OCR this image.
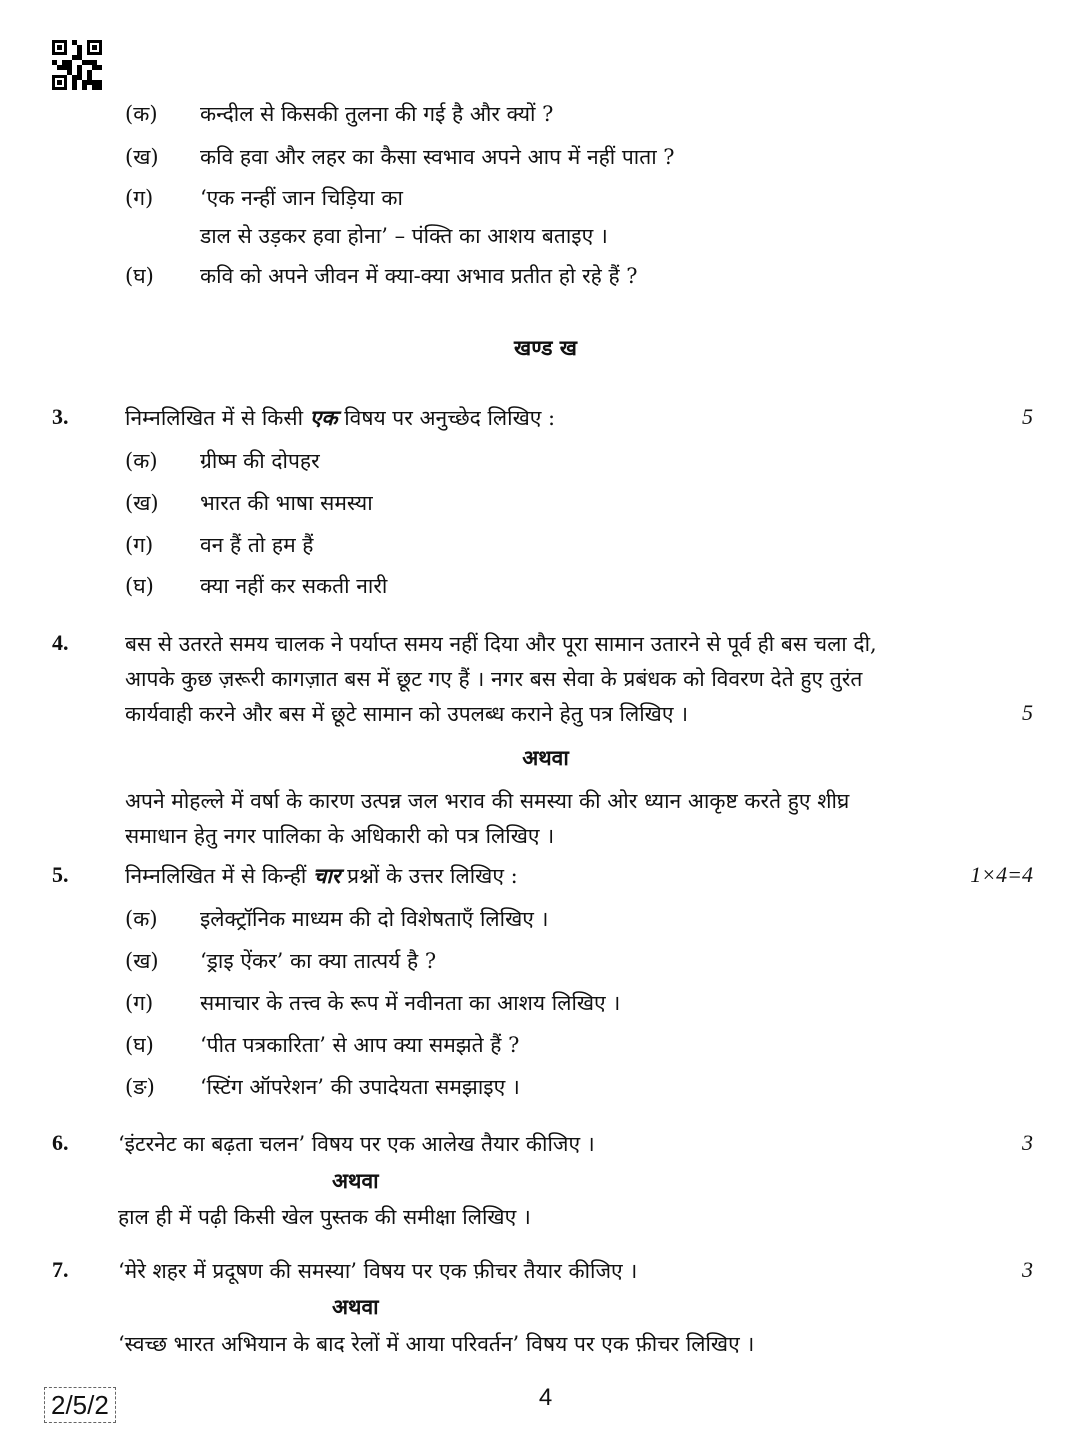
(क) कन्दील से किसकी तुलना की गई है और क्यों ?
(ख) कवि हवा और लहर का कैसा स्वभाव अपने आप में नहीं पाता ?
(ग) ‘एक नन्हीं जान चिड़िया का
डाल से उड़कर हवा होना’ – पंक्ति का आशय बताइए ।
(घ) कवि को अपने जीवन में क्या-क्या अभाव प्रतीत हो रहे हैं ?
खण्ड ख
3.	निम्नलिखित में से किसी एक विषय पर अनुच्छेद लिखिए :	5
(क) ग्रीष्म की दोपहर
(ख) भारत की भाषा समस्या
(ग) वन हैं तो हम हैं
(घ) क्या नहीं कर सकती नारी
4.	बस से उतरते समय चालक ने पर्याप्त समय नहीं दिया और पूरा सामान उतारने से पूर्व ही बस चला दी,
आपके कुछ ज़रूरी कागज़ात बस में छूट गए हैं । नगर बस सेवा के प्रबंधक को विवरण देते हुए तुरंत
कार्यवाही करने और बस में छूटे सामान को उपलब्ध कराने हेतु पत्र लिखिए ।	5
अथवा
अपने मोहल्ले में वर्षा के कारण उत्पन्न जल भराव की समस्या की ओर ध्यान आकृष्ट करते हुए शीघ्र
समाधान हेतु नगर पालिका के अधिकारी को पत्र लिखिए ।
5.	निम्नलिखित में से किन्हीं चार प्रश्नों के उत्तर लिखिए :	1×4=4
(क) इलेक्ट्रॉनिक माध्यम की दो विशेषताएँ लिखिए ।
(ख) ‘ड्राइ ऐंकर’ का क्या तात्पर्य है ?
(ग) समाचार के तत्त्व के रूप में नवीनता का आशय लिखिए ।
(घ) ‘पीत पत्रकारिता’ से आप क्या समझते हैं ?
(ङ) ‘स्टिंग ऑपरेशन’ की उपादेयता समझाइए ।
6. ‘इंटरनेट का बढ़ता चलन’ विषय पर एक आलेख तैयार कीजिए ।	3
अथवा
हाल ही में पढ़ी किसी खेल पुस्तक की समीक्षा लिखिए ।
7. ‘मेरे शहर में प्रदूषण की समस्या’ विषय पर एक फ़ीचर तैयार कीजिए ।	3
अथवा
‘स्वच्छ भारत अभियान के बाद रेलों में आया परिवर्तन’ विषय पर एक फ़ीचर लिखिए ।
2/5/2	4
